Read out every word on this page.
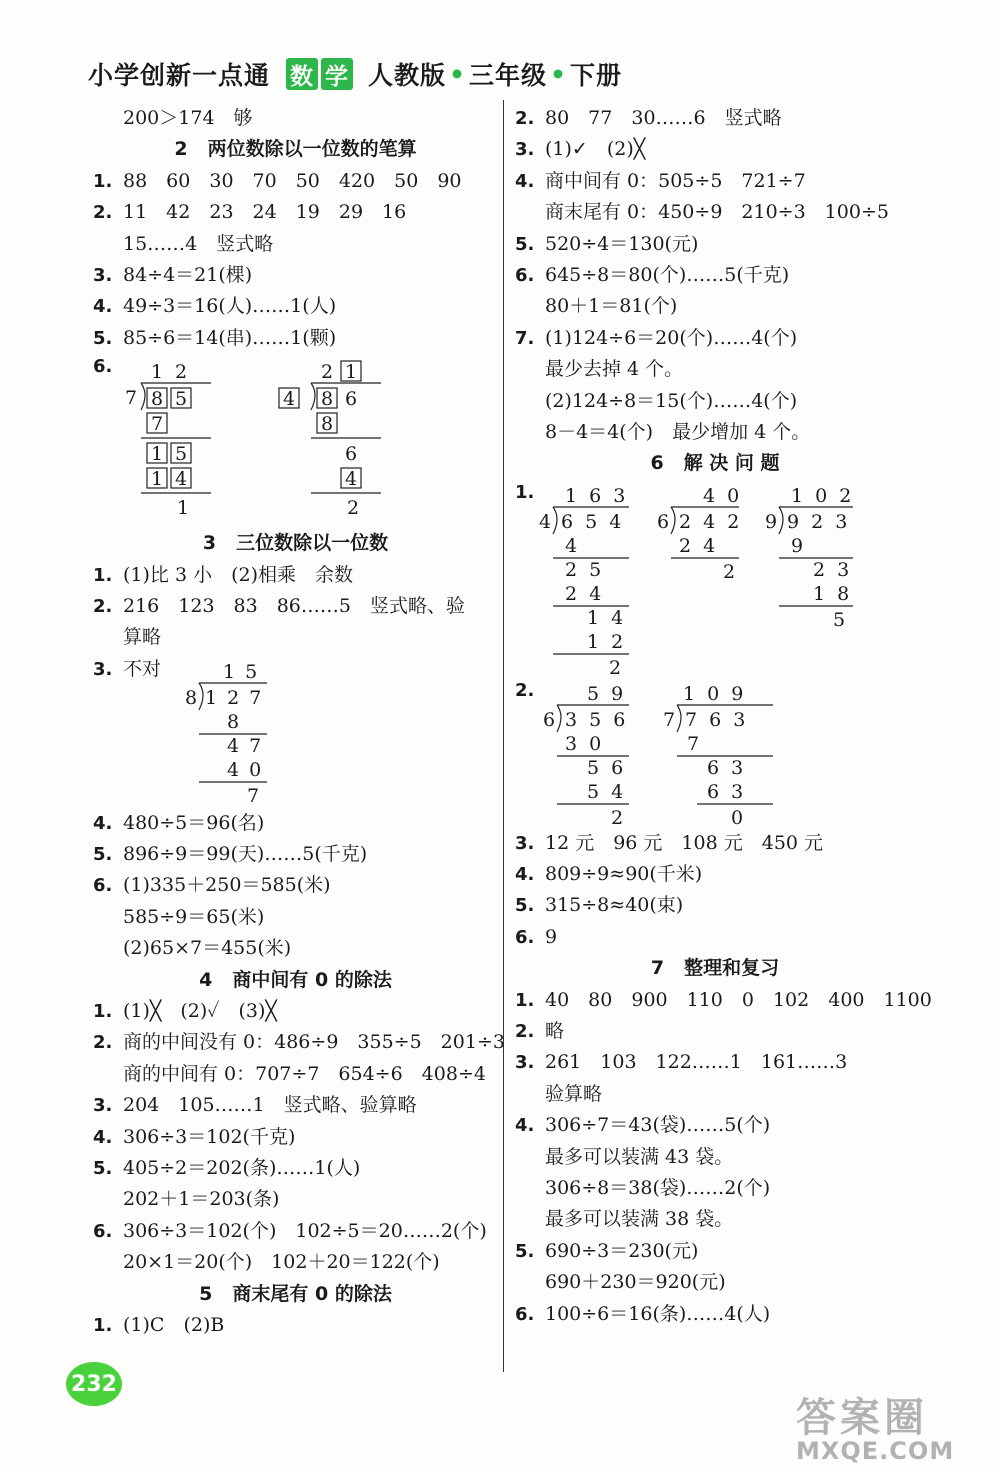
小学创新一点通 数 学 人教版 • 三年级 • 下册
200＞174　够
2 两位数除以一位数的笔算
1. 88　60　30　70　50　420　50　90
2. 11　42　23　24　19　29　16
15……4　竖式略
3. 84÷4＝21(棵)
4. 49÷3＝16(人)……1(人)
5. 85÷6＝14(串)……1(颗)
6. 1 2
7 8 5
7
1 5
1 4
1
2 1
4 8 6
8
6
4
2
3 三位数除以一位数
1. (1)比 3 小　(2)相乘　余数
2. 216　123　83　86……5　竖式略、验
算略
3. 不对	1 5
8 1 2 7
8
4 7
4 0
7
4. 480÷5＝96(名)
5. 896÷9＝99(天)……5(千克)
6. (1)335＋250＝585(米)
585÷9＝65(米)
(2)65×7＝455(米)
4 商中间有 0 的除法
1. (1)╳　(2)✓　(3)╳
2. 商的中间没有 0：486÷9　355÷5　201÷3
商的中间有 0：707÷7　654÷6　408÷4
3. 204　105……1　竖式略、验算略
4. 306÷3＝102(千克)
5. 405÷2＝202(条)……1(人)
202＋1＝203(条)
6. 306÷3＝102(个)　102÷5＝20……2(个)
20×1＝20(个)　102＋20＝122(个)
5 商末尾有 0 的除法
1. (1)C　(2)B
2. 80　77　30……6　竖式略
3. (1)✓　(2)╳
4. 商中间有 0：505÷5　721÷7
商末尾有 0：450÷9　210÷3　100÷5
5. 520÷4＝130(元)
6. 645÷8＝80(个)……5(千克)
80＋1＝81(个)
7. (1)124÷6＝20(个)……4(个)
最少去掉 4 个。
(2)124÷8＝15(个)……4(个)
8－4＝4(个)　最少增加 4 个。
6 解 决 问 题
1. 1 6 3
4 6 5 4
4
2 5
2 4
1 4
1 2
2
4 0
6 2 4 2
2 4
2
1 0 2
9 9 2 3
9
2 3
1 8
5
2.	5 9
6 3 5 6
3 0
5 6
5 4
2
1 0 9
7 7 6 3
7
6 3
6 3
0
3. 12 元　96 元　108 元　450 元
4. 809÷9≈90(千米)
5. 315÷8≈40(束)
6. 9
7 整理和复习
1. 40　80　900　110　0　102　400　1100
2. 略
3. 261　103　122……1　161……3
验算略
4. 306÷7＝43(袋)……5(个)
最多可以装满 43 袋。
306÷8＝38(袋)……2(个)
最多可以装满 38 袋。
5. 690÷3＝230(元)
690＋230＝920(元)
6. 100÷6＝16(条)……4(人)
232
答案圈
MXQE.COM
